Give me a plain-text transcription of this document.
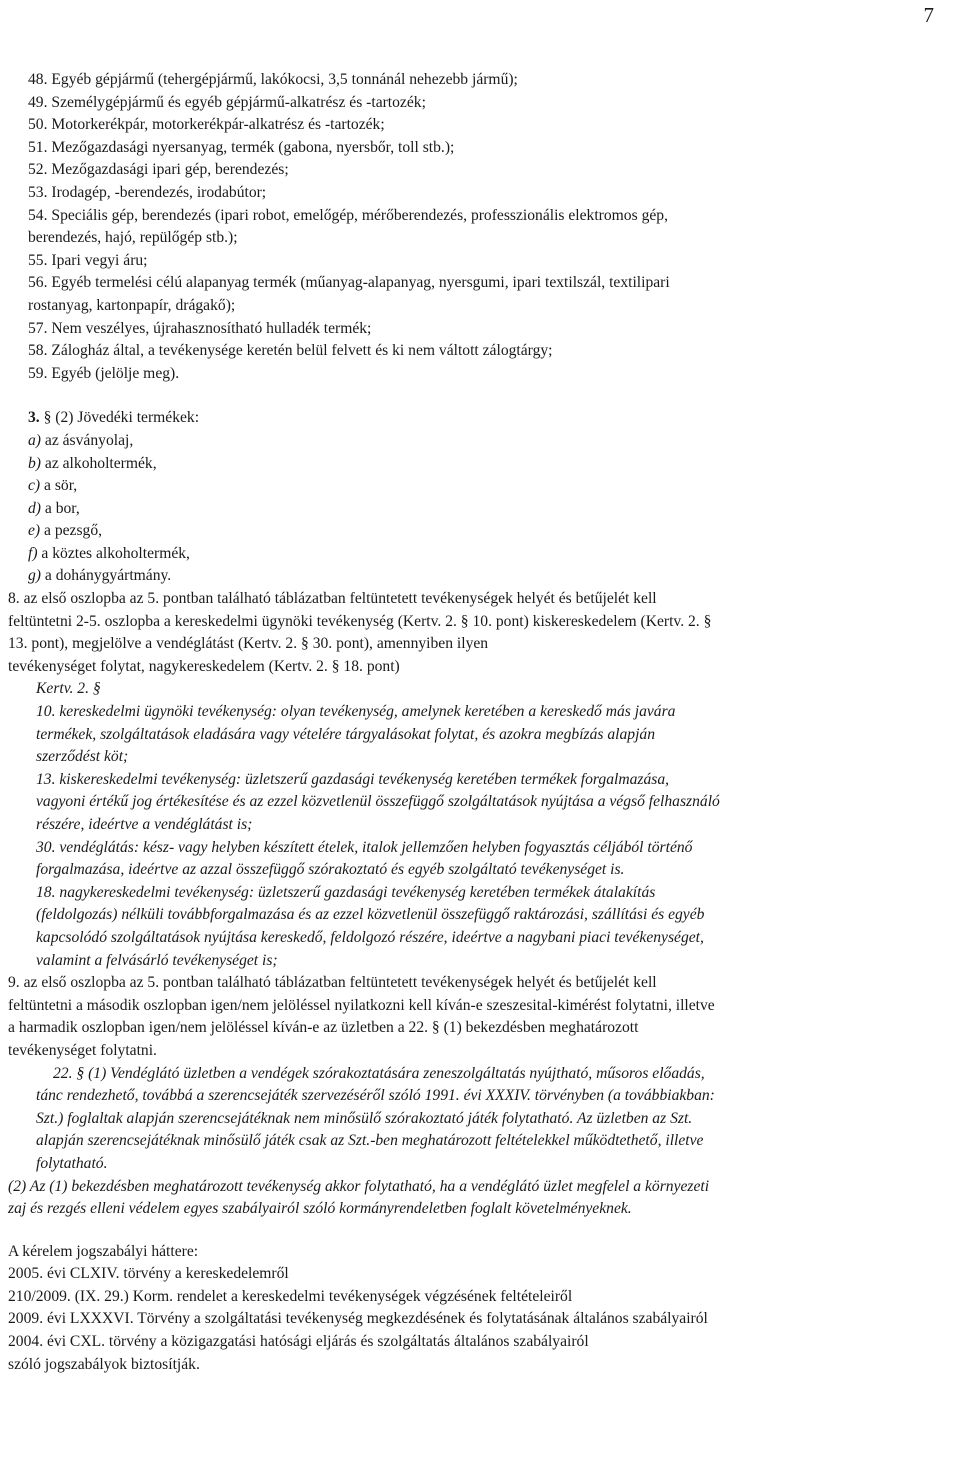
7
48. Egyéb gépjármű (tehergépjármű, lakókocsi, 3,5 tonnánál nehezebb jármű);
49. Személygépjármű és egyéb gépjármű-alkatrész és -tartozék;
50. Motorkerékpár, motorkerékpár-alkatrész és -tartozék;
51. Mezőgazdasági nyersanyag, termék (gabona, nyersbőr, toll stb.);
52. Mezőgazdasági ipari gép, berendezés;
53. Irodagép, -berendezés, irodabútor;
54. Speciális gép, berendezés (ipari robot, emelőgép, mérőberendezés, professzionális elektromos gép,
berendezés, hajó, repülőgép stb.);
55. Ipari vegyi áru;
56. Egyéb termelési célú alapanyag termék (műanyag-alapanyag, nyersgumi, ipari textilszál, textilipari
rostanyag, kartonpapír, drágakő);
57. Nem veszélyes, újrahasznosítható hulladék termék;
58. Zálogház által, a tevékenysége keretén belül felvett és ki nem váltott zálogtárgy;
59. Egyéb (jelölje meg).
3. § (2) Jövedéki termékek:
a) az ásványolaj,
b) az alkoholtermék,
c) a sör,
d) a bor,
e) a pezsgő,
f) a köztes alkoholtermék,
g) a dohánygyártmány.
8. az első oszlopba az 5. pontban található táblázatban feltüntetett tevékenységek helyét és betűjelét kell
feltüntetni 2-5. oszlopba a kereskedelmi ügynöki tevékenység (Kertv. 2. § 10. pont) kiskereskedelem (Kertv. 2. §
13. pont), megjelölve a vendéglátást (Kertv. 2. § 30. pont), amennyiben ilyen
tevékenységet folytat, nagykereskedelem (Kertv. 2. § 18. pont)
Kertv. 2. §
10. kereskedelmi ügynöki tevékenység: olyan tevékenység, amelynek keretében a kereskedő más javára
termékek, szolgáltatások eladására vagy vételére tárgyalásokat folytat, és azokra megbízás alapján
szerződést köt;
13. kiskereskedelmi tevékenység: üzletszerű gazdasági tevékenység keretében termékek forgalmazása,
vagyoni értékű jog értékesítése és az ezzel közvetlenül összefüggő szolgáltatások nyújtása a végső felhasználó
részére, ideértve a vendéglátást is;
30. vendéglátás: kész- vagy helyben készített ételek, italok jellemzően helyben fogyasztás céljából történő
forgalmazása, ideértve az azzal összefüggő szórakoztató és egyéb szolgáltató tevékenységet is.
18. nagykereskedelmi tevékenység: üzletszerű gazdasági tevékenység keretében termékek átalakítás
(feldolgozás) nélküli továbbforgalmazása és az ezzel közvetlenül összefüggő raktározási, szállítási és egyéb
kapcsolódó szolgáltatások nyújtása kereskedő, feldolgozó részére, ideértve a nagybani piaci tevékenységet,
valamint a felvásárló tevékenységet is;
9. az első oszlopba az 5. pontban található táblázatban feltüntetett tevékenységek helyét és betűjelét kell
feltüntetni a második oszlopban igen/nem jelöléssel nyilatkozni kell kíván-e szeszesital-kimérést folytatni, illetve
a harmadik oszlopban igen/nem jelöléssel kíván-e az üzletben a 22. § (1) bekezdésben meghatározott
tevékenységet folytatni.
22. § (1) Vendéglátó üzletben a vendégek szórakoztatására zeneszolgáltatás nyújtható, műsoros előadás,
tánc rendezhető, továbbá a szerencsejáték szervezéséről szóló 1991. évi XXXIV. törvényben (a továbbiakban:
Szt.) foglaltak alapján szerencsejátéknak nem minősülő szórakoztató játék folytatható. Az üzletben az Szt.
alapján szerencsejátéknak minősülő játék csak az Szt.-ben meghatározott feltételekkel működtethető, illetve
folytatható.
(2) Az (1) bekezdésben meghatározott tevékenység akkor folytatható, ha a vendéglátó üzlet megfelel a környezeti
zaj és rezgés elleni védelem egyes szabályairól szóló kormányrendeletben foglalt követelményeknek.
A kérelem jogszabályi háttere:
2005. évi CLXIV. törvény a kereskedelemről
210/2009. (IX. 29.) Korm. rendelet a kereskedelmi tevékenységek végzésének feltételeiről
2009. évi LXXXVI. Törvény a szolgáltatási tevékenység megkezdésének és folytatásának általános szabályairól
2004. évi CXL. törvény a közigazgatási hatósági eljárás és szolgáltatás általános szabályairól
szóló jogszabályok biztosítják.
